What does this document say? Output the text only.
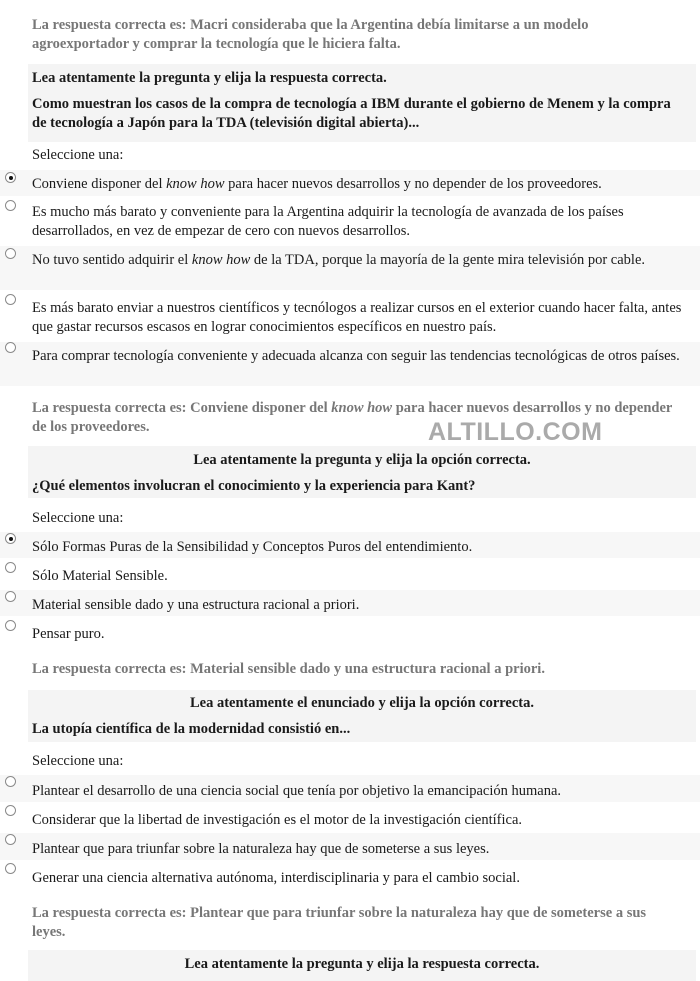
La respuesta correcta es: Macri consideraba que la Argentina debía limitarse a un modelo agroexportador y comprar la tecnología que le hiciera falta.
Lea atentamente la pregunta y elija la respuesta correcta.
Como muestran los casos de la compra de tecnología a IBM durante el gobierno de Menem y la compra de tecnología a Japón para la TDA (televisión digital abierta)...
Seleccione una:
Conviene disponer del know how para hacer nuevos desarrollos y no depender de los proveedores.
Es mucho más barato y conveniente para la Argentina adquirir la tecnología de avanzada de los países desarrollados, en vez de empezar de cero con nuevos desarrollos.
No tuvo sentido adquirir el know how de la TDA, porque la mayoría de la gente mira televisión por cable.
Es más barato enviar a nuestros científicos y tecnólogos a realizar cursos en el exterior cuando hacer falta, antes que gastar recursos escasos en lograr conocimientos específicos en nuestro país.
Para comprar tecnología conveniente y adecuada alcanza con seguir las tendencias tecnológicas de otros países.
La respuesta correcta es: Conviene disponer del know how para hacer nuevos desarrollos y no depender de los proveedores.	ALTILLO.COM
Lea atentamente la pregunta y elija la opción correcta.
¿Qué elementos involucran el conocimiento y la experiencia para Kant?
Seleccione una:
Sólo Formas Puras de la Sensibilidad y Conceptos Puros del entendimiento.
Sólo Material Sensible.
Material sensible dado y una estructura racional a priori.
Pensar puro.
La respuesta correcta es: Material sensible dado y una estructura racional a priori.
Lea atentamente el enunciado y elija la opción correcta.
La utopía científica de la modernidad consistió en...
Seleccione una:
Plantear el desarrollo de una ciencia social que tenía por objetivo la emancipación humana.
Considerar que la libertad de investigación es el motor de la investigación científica.
Plantear que para triunfar sobre la naturaleza hay que de someterse a sus leyes.
Generar una ciencia alternativa autónoma, interdisciplinaria y para el cambio social.
La respuesta correcta es: Plantear que para triunfar sobre la naturaleza hay que de someterse a sus leyes.
Lea atentamente la pregunta y elija la respuesta correcta.
